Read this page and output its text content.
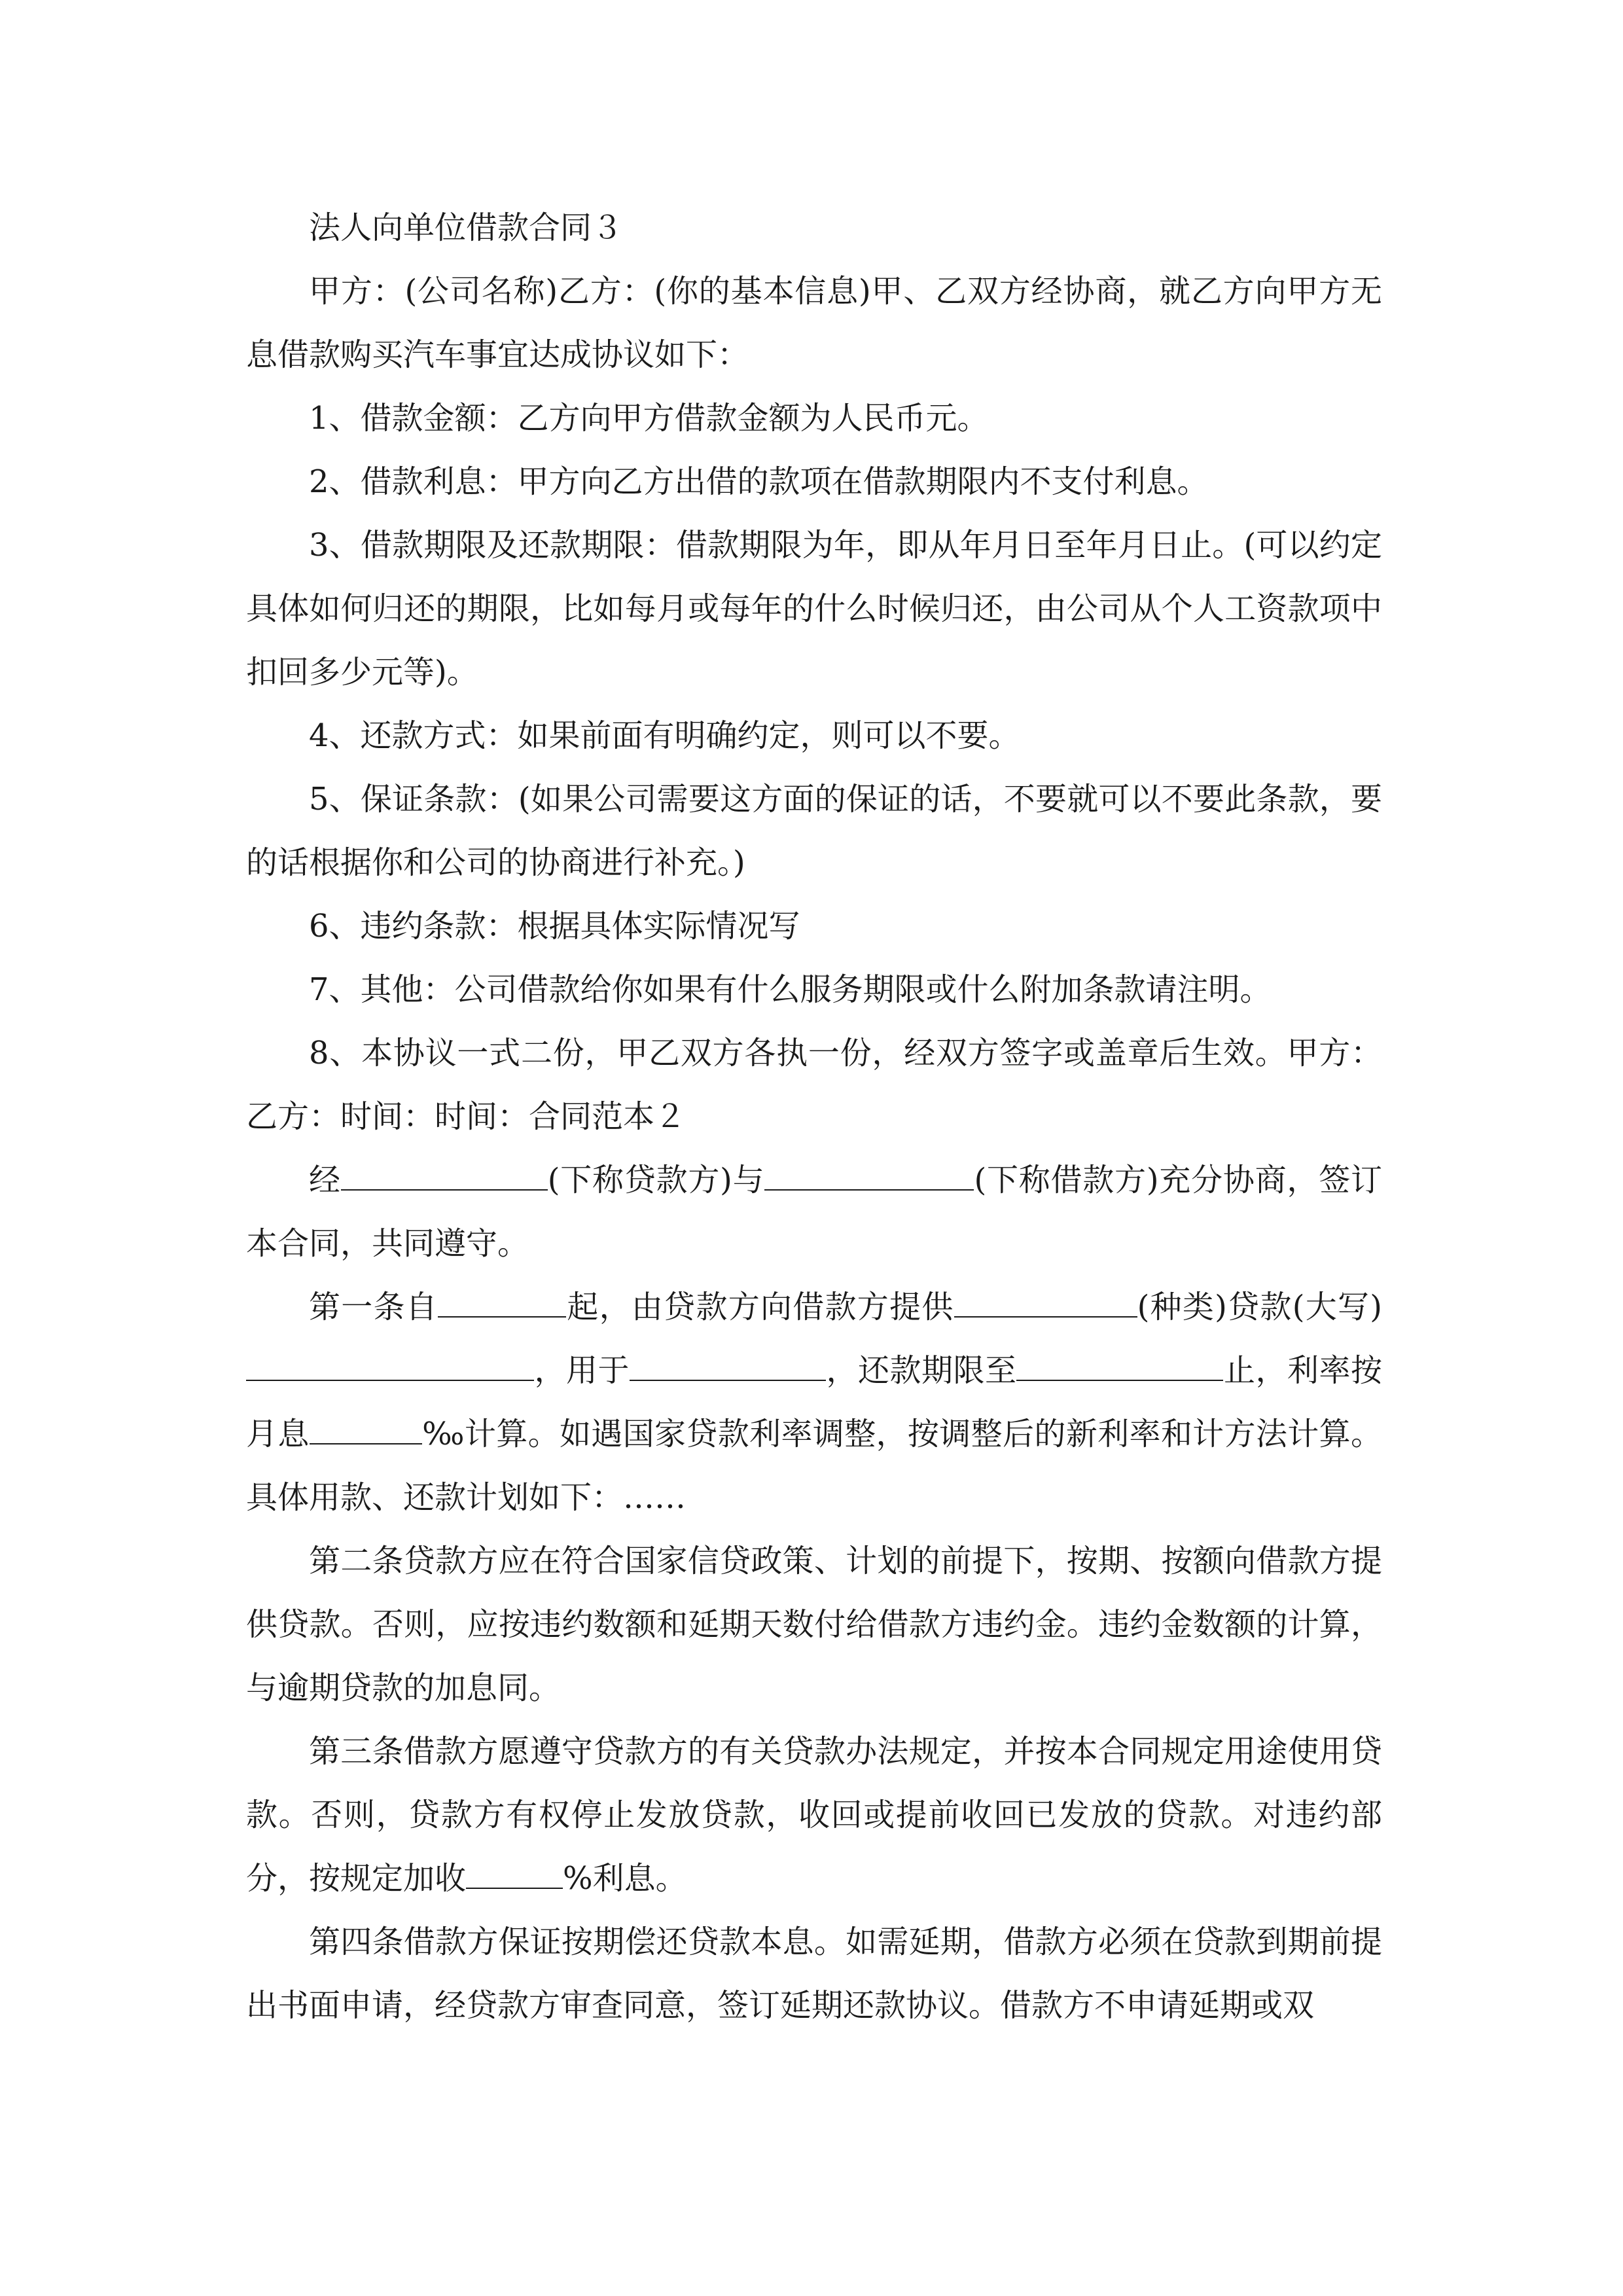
法人向单位借款合同３

甲方：(公司名称)乙方：(你的基本信息)甲、乙双方经协商，就乙方向甲方无息借款购买汽车事宜达成协议如下：

1、借款金额：乙方向甲方借款金额为人民币元。

2、借款利息：甲方向乙方出借的款项在借款期限内不支付利息。

3、借款期限及还款期限：借款期限为年，即从年月日至年月日止。(可以约定具体如何归还的期限，比如每月或每年的什么时候归还，由公司从个人工资款项中扣回多少元等)。

4、还款方式：如果前面有明确约定，则可以不要。

5、保证条款：(如果公司需要这方面的保证的话，不要就可以不要此条款，要的话根据你和公司的协商进行补充。)

6、违约条款：根据具体实际情况写

7、其他：公司借款给你如果有什么服务期限或什么附加条款请注明。

8、本协议一式二份，甲乙双方各执一份，经双方签字或盖章后生效。甲方：乙方：时间：时间：合同范本２

经	(下称贷款方)与	(下称借款方)充分协商，签订本合同，共同遵守。

第一条自	起，由贷款方向借款方提供	(种类)贷款(大写)，用于	，还款期限至	止，利率按月息	‰计算。如遇国家贷款利率调整，按调整后的新利率和计方法计算。具体用款、还款计划如下：……

第二条贷款方应在符合国家信贷政策、计划的前提下，按期、按额向借款方提供贷款。否则，应按违约数额和延期天数付给借款方违约金。违约金数额的计算，与逾期贷款的加息同。

第三条借款方愿遵守贷款方的有关贷款办法规定，并按本合同规定用途使用贷款。否则，贷款方有权停止发放贷款，收回或提前收回已发放的贷款。对违约部分，按规定加收	%利息。

第四条借款方保证按期偿还贷款本息。如需延期，借款方必须在贷款到期前提出书面申请，经贷款方审查同意，签订延期还款协议。借款方不申请延期或双
